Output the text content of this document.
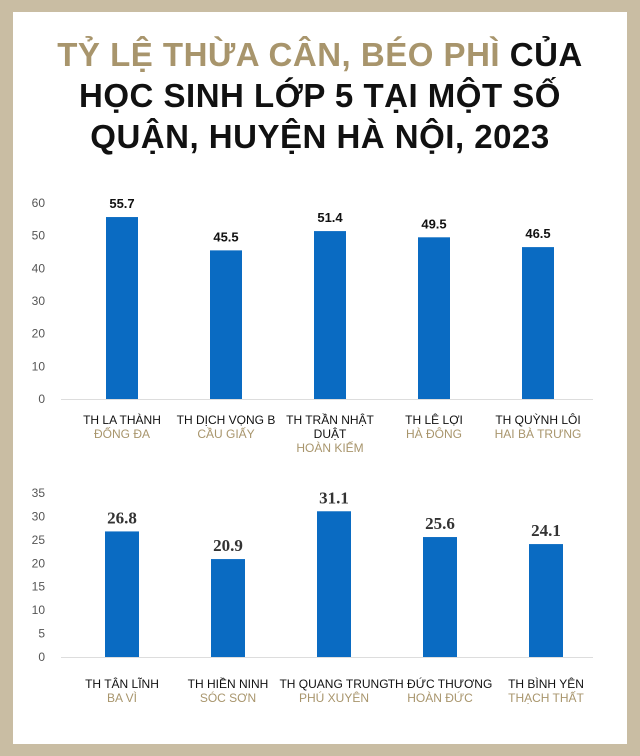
TỶ LỆ THỪA CÂN, BÉO PHÌ CỦA
HỌC SINH LỚP 5 TẠI MỘT SỐ
QUẬN, HUYỆN HÀ NỘI, 2023
0
10
20
30
40
50
60	55.7
TH LA THÀNH
ĐỐNG ĐA
45.5
TH DỊCH VỌNG B
CẦU GIẤY
51.4
TH TRẦN NHẬT
DUẬT
HOÀN KIẾM
49.5
TH LÊ LỢI
HÀ ĐÔNG
46.5
TH QUỲNH LÔI
HAI BÀ TRƯNG
0
5
10
15
20
25
30
35
26.8
TH TÂN LĨNH
BA VÌ
20.9
TH HIỀN NINH
SÓC SƠN
31.1
TH QUANG TRUNG
PHÚ XUYÊN
25.6
TH ĐỨC THƯƠNG
HOÀN ĐỨC
24.1
TH BÌNH YÊN
THẠCH THẤT
